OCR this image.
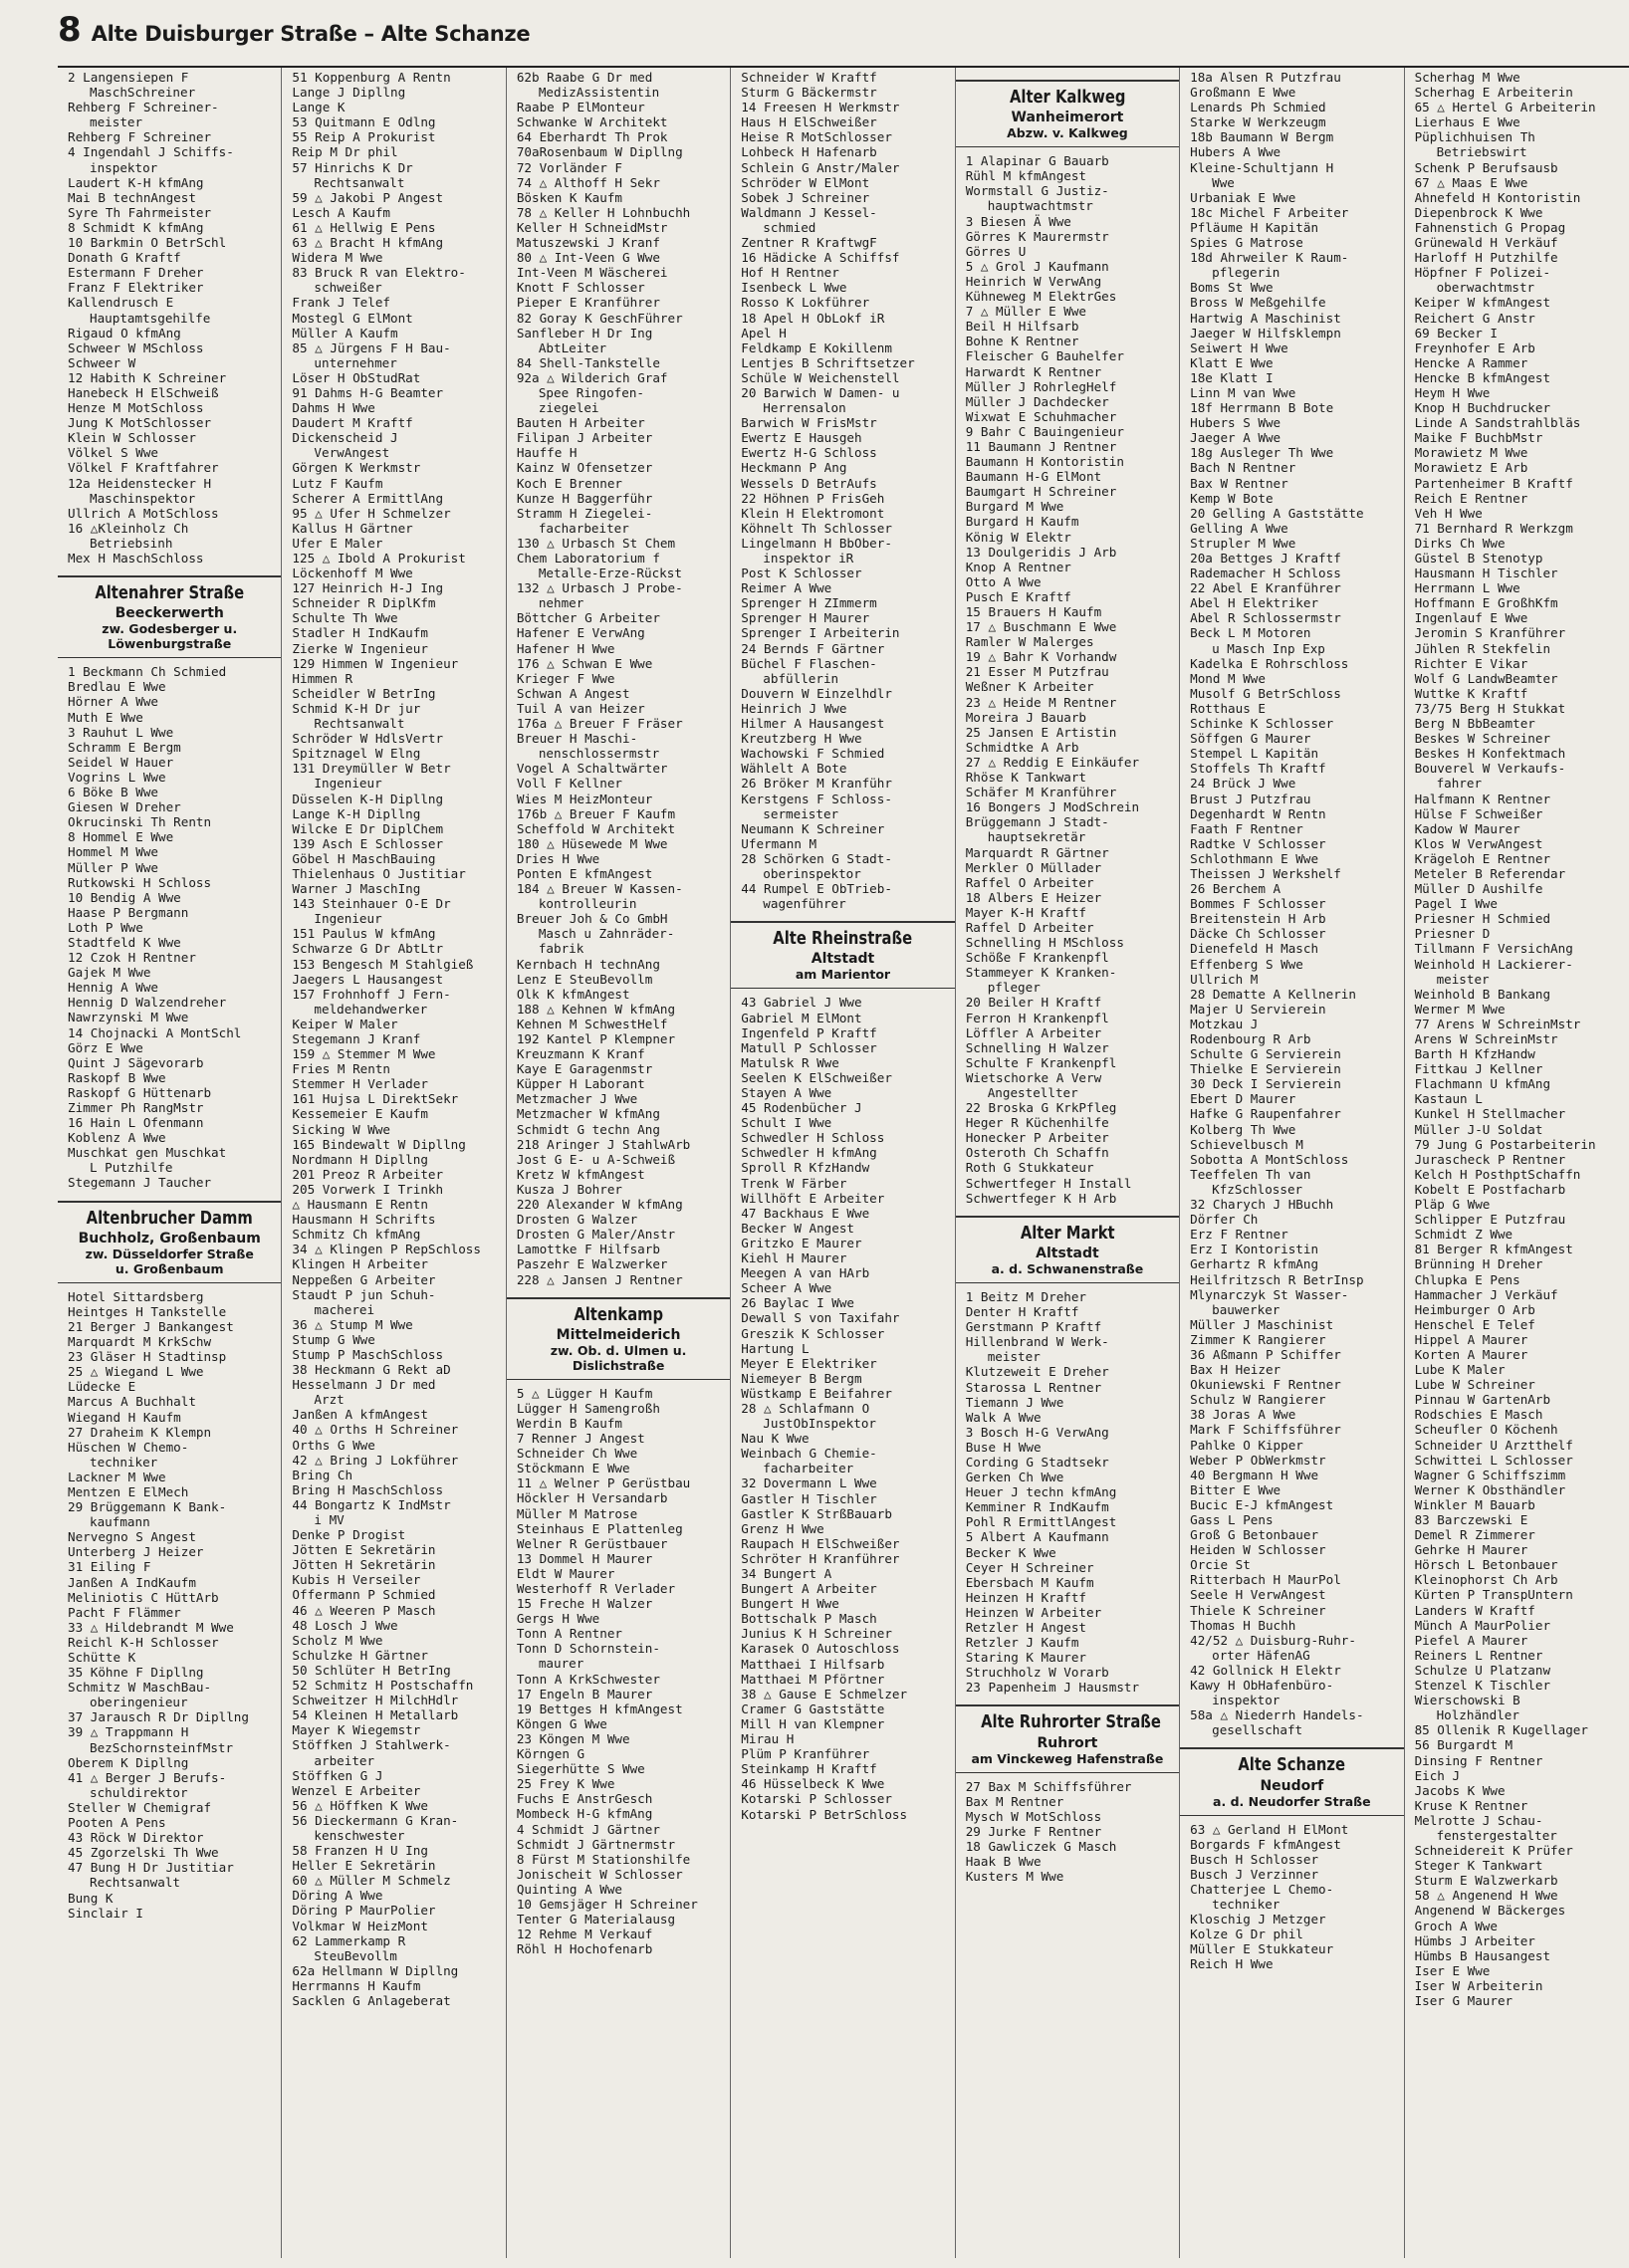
8 Alte Duisburger Straße – Alte Schanze
2 Langensiepen F
MaschSchreiner
Rehberg F Schreiner-
meister
Rehberg F Schreiner
4 Ingendahl J Schiffs-
inspektor
Laudert K-H kfmAng
Mai B technAngest
Syre Th Fahrmeister
8 Schmidt K kfmAng
10 Barkmin O BetrSchl
Donath G Kraftf
Estermann F Dreher
Franz F Elektriker
Kallendrusch E
Hauptamtsgehilfe
Rigaud O kfmAng
Schweer W MSchloss
Schweer W
12 Habith K Schreiner
Hanebeck H ElSchweiß
Henze M MotSchloss
Jung K MotSchlosser
Klein W Schlosser
Völkel S Wwe
Völkel F Kraftfahrer
12a Heidenstecker H
Maschinspektor
Ullrich A MotSchloss
16 △Kleinholz Ch
Betriebsinh
Mex H MaschSchloss
Altenahrer Straße
Beeckerwerth
zw. Godesberger u.
Löwenburgstraße
1 Beckmann Ch Schmied
Bredlau E Wwe
Hörner A Wwe
Muth E Wwe
3 Rauhut L Wwe
Schramm E Bergm
Seidel W Hauer
Vogrins L Wwe
6 Böke B Wwe
Giesen W Dreher
Okrucinski Th Rentn
8 Hommel E Wwe
Hommel M Wwe
Müller P Wwe
Rutkowski H Schloss
10 Bendig A Wwe
Haase P Bergmann
Loth P Wwe
Stadtfeld K Wwe
12 Czok H Rentner
Gajek M Wwe
Hennig A Wwe
Hennig D Walzendreher
Nawrzynski M Wwe
14 Chojnacki A MontSchl
Görz E Wwe
Quint J Sägevorarb
Raskopf B Wwe
Raskopf G Hüttenarb
Zimmer Ph RangMstr
16 Hain L Ofenmann
Koblenz A Wwe
Muschkat gen Muschkat
L Putzhilfe
Stegemann J Taucher
Altenbrucher Damm
Buchholz, Großenbaum
zw. Düsseldorfer Straße
u. Großenbaum
Hotel Sittardsberg
Heintges H Tankstelle
21 Berger J Bankangest
Marquardt M KrkSchw
23 Gläser H Stadtinsp
25 △ Wiegand L Wwe
Lüdecke E
Marcus A Buchhalt
Wiegand H Kaufm
27 Draheim K Klempn
Hüschen W Chemo-
techniker
Lackner M Wwe
Mentzen E ElMech
29 Brüggemann K Bank-
kaufmann
Nervegno S Angest
Unterberg J Heizer
31 Eiling F
Janßen A IndKaufm
Meliniotis C HüttArb
Pacht F Flämmer
33 △ Hildebrandt M Wwe
Reichl K-H Schlosser
Schütte K
35 Köhne F Dipllng
Schmitz W MaschBau-
oberingenieur
37 Jarausch R Dr Dipllng
39 △ Trappmann H
BezSchornsteinfMstr
Oberem K Dipllng
41 △ Berger J Berufs-
schuldirektor
Steller W Chemigraf
Pooten A Pens
43 Röck W Direktor
45 Zgorzelski Th Wwe
47 Bung H Dr Justitiar
Rechtsanwalt
Bung K
Sinclair I
51 Koppenburg A Rentn
Lange J Dipllng
Lange K
53 Quitmann E Odlng
55 Reip A Prokurist
Reip M Dr phil
57 Hinrichs K Dr
Rechtsanwalt
59 △ Jakobi P Angest
Lesch A Kaufm
61 △ Hellwig E Pens
63 △ Bracht H kfmAng
Widera M Wwe
83 Bruck R van Elektro-
schweißer
Frank J Telef
Mostegl G ElMont
Müller A Kaufm
85 △ Jürgens F H Bau-
unternehmer
Löser H ObStudRat
91 Dahms H-G Beamter
Dahms H Wwe
Daudert M Kraftf
Dickenscheid J
VerwAngest
Görgen K Werkmstr
Lutz F Kaufm
Scherer A ErmittlAng
95 △ Ufer H Schmelzer
Kallus H Gärtner
Ufer E Maler
125 △ Ibold A Prokurist
Löckenhoff M Wwe
127 Heinrich H-J Ing
Schneider R DiplKfm
Schulte Th Wwe
Stadler H IndKaufm
Zierke W Ingenieur
129 Himmen W Ingenieur
Himmen R
Scheidler W BetrIng
Schmid K-H Dr jur
Rechtsanwalt
Schröder W HdlsVertr
Spitznagel W Elng
131 Dreymüller W Betr
Ingenieur
Düsselen K-H Dipllng
Lange K-H Dipllng
Wilcke E Dr DiplChem
139 Asch E Schlosser
Göbel H MaschBauing
Thielenhaus O Justitiar
Warner J MaschIng
143 Steinhauer O-E Dr
Ingenieur
151 Paulus W kfmAng
Schwarze G Dr AbtLtr
153 Bengesch M Stahlgieß
Jaegers L Hausangest
157 Frohnhoff J Fern-
meldehandwerker
Keiper W Maler
Stegemann J Kranf
159 △ Stemmer M Wwe
Fries M Rentn
Stemmer H Verlader
161 Hujsa L DirektSekr
Kessemeier E Kaufm
Sicking W Wwe
165 Bindewalt W Dipllng
Nordmann H Dipllng
201 Preoz R Arbeiter
205 Vorwerk I Trinkh
△ Hausmann E Rentn
Hausmann H Schrifts
Schmitz Ch kfmAng
34 △ Klingen P RepSchloss
Klingen H Arbeiter
Neppeßen G Arbeiter
Staudt P jun Schuh-
macherei
36 △ Stump M Wwe
Stump G Wwe
Stump P MaschSchloss
38 Heckmann G Rekt aD
Hesselmann J Dr med
Arzt
Janßen A kfmAngest
40 △ Orths H Schreiner
Orths G Wwe
42 △ Bring J Lokführer
Bring Ch
Bring H MaschSchloss
44 Bongartz K IndMstr
i MV
Denke P Drogist
Jötten E Sekretärin
Jötten H Sekretärin
Kubis H Verseiler
Offermann P Schmied
46 △ Weeren P Masch
48 Losch J Wwe
Scholz M Wwe
Schulzke H Gärtner
50 Schlüter H BetrIng
52 Schmitz H Postschaffn
Schweitzer H MilchHdlr
54 Kleinen H Metallarb
Mayer K Wiegemstr
Stöffken J Stahlwerk-
arbeiter
Stöffken G J
Wenzel E Arbeiter
56 △ Höffken K Wwe
56 Dieckermann G Kran-
kenschwester
58 Franzen H U Ing
Heller E Sekretärin
60 △ Müller M Schmelz
Döring A Wwe
Döring P MaurPolier
Volkmar W HeizMont
62 Lammerkamp R
SteuBevollm
62a Hellmann W Dipllng
Herrmanns H Kaufm
Sacklen G Anlageberat
62b Raabe G Dr med
MedizAssistentin
Raabe P ElMonteur
Schwanke W Architekt
64 Eberhardt Th Prok
70aRosenbaum W Dipllng
72 Vorländer F
74 △ Althoff H Sekr
Bösken K Kaufm
78 △ Keller H Lohnbuchh
Keller H SchneidMstr
Matuszewski J Kranf
80 △ Int-Veen G Wwe
Int-Veen M Wäscherei
Knott F Schlosser
Pieper E Kranführer
82 Goray K GeschFührer
Sanfleber H Dr Ing
AbtLeiter
84 Shell-Tankstelle
92a △ Wilderich Graf
Spee Ringofen-
ziegelei
Bauten H Arbeiter
Filipan J Arbeiter
Hauffe H
Kainz W Ofensetzer
Koch E Brenner
Kunze H Baggerführ
Stramm H Ziegelei-
facharbeiter
130 △ Urbasch St Chem
Chem Laboratorium f
Metalle-Erze-Rückst
132 △ Urbasch J Probe-
nehmer
Böttcher G Arbeiter
Hafener E VerwAng
Hafener H Wwe
176 △ Schwan E Wwe
Krieger F Wwe
Schwan A Angest
Tuil A van Heizer
176a △ Breuer F Fräser
Breuer H Maschi-
nenschlossermstr
Vogel A Schaltwärter
Voll F Kellner
Wies M HeizMonteur
176b △ Breuer F Kaufm
Scheffold W Architekt
180 △ Hüsewede M Wwe
Dries H Wwe
Ponten E kfmAngest
184 △ Breuer W Kassen-
kontrolleurin
Breuer Joh & Co GmbH
Masch u Zahnräder-
fabrik
Kernbach H technAng
Lenz E SteuBevollm
Olk K kfmAngest
188 △ Kehnen W kfmAng
Kehnen M SchwestHelf
192 Kantel P Klempner
Kreuzmann K Kranf
Kaye E Garagenmstr
Küpper H Laborant
Metzmacher J Wwe
Metzmacher W kfmAng
Schmidt G techn Ang
218 Aringer J StahlwArb
Jost G E- u A-Schweiß
Kretz W kfmAngest
Kusza J Bohrer
220 Alexander W kfmAng
Drosten G Walzer
Drosten G Maler/Anstr
Lamottke F Hilfsarb
Paszehr E Walzwerker
228 △ Jansen J Rentner
Altenkamp
Mittelmeiderich
zw. Ob. d. Ulmen u.
Dislichstraße
5 △ Lügger H Kaufm
Lügger H Samengroßh
Werdin B Kaufm
7 Renner J Angest
Schneider Ch Wwe
Stöckmann E Wwe
11 △ Welner P Gerüstbau
Höckler H Versandarb
Müller M Matrose
Steinhaus E Plattenleg
Welner R Gerüstbauer
13 Dommel H Maurer
Eldt W Maurer
Westerhoff R Verlader
15 Freche H Walzer
Gergs H Wwe
Tonn A Rentner
Tonn D Schornstein-
maurer
Tonn A KrkSchwester
17 Engeln B Maurer
19 Bettges H kfmAngest
Köngen G Wwe
23 Köngen M Wwe
Körngen G
Siegerhütte S Wwe
25 Frey K Wwe
Fuchs E AnstrGesch
Mombeck H-G kfmAng
4 Schmidt J Gärtner
Schmidt J Gärtnermstr
8 Fürst M Stationshilfe
Jonischeit W Schlosser
Quinting A Wwe
10 Gemsjäger H Schreiner
Tenter G Materialausg
12 Rehme M Verkauf
Röhl H Hochofenarb
Schneider W Kraftf
Sturm G Bäckermstr
14 Freesen H Werkmstr
Haus H ElSchweißer
Heise R MotSchlosser
Lohbeck H Hafenarb
Schlein G Anstr/Maler
Schröder W ElMont
Sobek J Schreiner
Waldmann J Kessel-
schmied
Zentner R KraftwgF
16 Hädicke A Schiffsf
Hof H Rentner
Isenbeck L Wwe
Rosso K Lokführer
18 Apel H ObLokf iR
Apel H
Feldkamp E Kokillenm
Lentjes B Schriftsetzer
Schüle W Weichenstell
20 Barwich W Damen- u
Herrensalon
Barwich W FrisMstr
Ewertz E Hausgeh
Ewertz H-G Schloss
Heckmann P Ang
Wessels D BetrAufs
22 Höhnen P FrisGeh
Klein H Elektromont
Köhnelt Th Schlosser
Lingelmann H BbOber-
inspektor iR
Post K Schlosser
Reimer A Wwe
Sprenger H ZImmerm
Sprenger H Maurer
Sprenger I Arbeiterin
24 Bernds F Gärtner
Büchel F Flaschen-
abfüllerin
Douvern W Einzelhdlr
Heinrich J Wwe
Hilmer A Hausangest
Kreutzberg H Wwe
Wachowski F Schmied
Wählelt A Bote
26 Bröker M Kranführ
Kerstgens F Schloss-
sermeister
Neumann K Schreiner
Ufermann M
28 Schörken G Stadt-
oberinspektor
44 Rumpel E ObTrieb-
wagenführer
Alte Rheinstraße
Altstadt
am Marientor
43 Gabriel J Wwe
Gabriel M ElMont
Ingenfeld P Kraftf
Matull P Schlosser
Matulsk R Wwe
Seelen K ElSchweißer
Stayen A Wwe
45 Rodenbücher J
Schult I Wwe
Schwedler H Schloss
Schwedler H kfmAng
Sproll R KfzHandw
Trenk W Färber
Willhöft E Arbeiter
47 Backhaus E Wwe
Becker W Angest
Gritzko E Maurer
Kiehl H Maurer
Meegen A van HArb
Scheer A Wwe
26 Baylac I Wwe
Dewall S von Taxifahr
Greszik K Schlosser
Hartung L
Meyer E Elektriker
Niemeyer B Bergm
Wüstkamp E Beifahrer
28 △ Schlafmann O
JustObInspektor
Nau K Wwe
Weinbach G Chemie-
facharbeiter
32 Dovermann L Wwe
Gastler H Tischler
Gastler K StrßBauarb
Grenz H Wwe
Raupach H ElSchweißer
Schröter H Kranführer
34 Bungert A
Bungert A Arbeiter
Bungert H Wwe
Bottschalk P Masch
Junius K H Schreiner
Karasek O Autoschloss
Matthaei I Hilfsarb
Matthaei M Pförtner
38 △ Gause E Schmelzer
Cramer G Gaststätte
Mill H van Klempner
Mirau H
Plüm P Kranführer
Steinkamp H Kraftf
46 Hüsselbeck K Wwe
Kotarski P Schlosser
Kotarski P BetrSchloss
Alter Kalkweg
Wanheimerort
Abzw. v. Kalkweg
1 Alapinar G Bauarb
Rühl M kfmAngest
Wormstall G Justiz-
hauptwachtmstr
3 Biesen Ä Wwe
Görres K Maurermstr
Görres U
5 △ Grol J Kaufmann
Heinrich W VerwAng
Kühneweg M ElektrGes
7 △ Müller E Wwe
Beil H Hilfsarb
Bohne K Rentner
Fleischer G Bauhelfer
Harwardt K Rentner
Müller J RohrlegHelf
Müller J Dachdecker
Wixwat E Schuhmacher
9 Bahr C Bauingenieur
11 Baumann J Rentner
Baumann H Kontoristin
Baumann H-G ElMont
Baumgart H Schreiner
Burgard M Wwe
Burgard H Kaufm
König W Elektr
13 Doulgeridis J Arb
Knop A Rentner
Otto A Wwe
Pusch E Kraftf
15 Brauers H Kaufm
17 △ Buschmann E Wwe
Ramler W Malerges
19 △ Bahr K Vorhandw
21 Esser M Putzfrau
Weßner K Arbeiter
23 △ Heide M Rentner
Moreira J Bauarb
25 Jansen E Artistin
Schmidtke A Arb
27 △ Reddig E Einkäufer
Rhöse K Tankwart
Schäfer M Kranführer
16 Bongers J ModSchrein
Brüggemann J Stadt-
hauptsekretär
Marquardt R Gärtner
Merkler O Müllader
Raffel O Arbeiter
18 Albers E Heizer
Mayer K-H Kraftf
Raffel D Arbeiter
Schnelling H MSchloss
Schöße F Krankenpfl
Stammeyer K Kranken-
pfleger
20 Beiler H Kraftf
Ferron H Krankenpfl
Löffler A Arbeiter
Schnelling H Walzer
Schulte F Krankenpfl
Wietschorke A Verw
Angestellter
22 Broska G KrkPfleg
Heger R Küchenhilfe
Honecker P Arbeiter
Osteroth Ch Schaffn
Roth G Stukkateur
Schwertfeger H Install
Schwertfeger K H Arb
Alter Markt
Altstadt
a. d. Schwanenstraße
1 Beitz M Dreher
Denter H Kraftf
Gerstmann P Kraftf
Hillenbrand W Werk-
meister
Klutzeweit E Dreher
Starossa L Rentner
Tiemann J Wwe
Walk A Wwe
3 Bosch H-G VerwAng
Buse H Wwe
Cording G Stadtsekr
Gerken Ch Wwe
Heuer J techn kfmAng
Kemminer R IndKaufm
Pohl R ErmittlAngest
5 Albert A Kaufmann
Becker K Wwe
Ceyer H Schreiner
Ebersbach M Kaufm
Heinzen H Kraftf
Heinzen W Arbeiter
Retzler H Angest
Retzler J Kaufm
Staring K Maurer
Struchholz W Vorarb
23 Papenheim J Hausmstr
Alte Ruhrorter Straße
Ruhrort
am Vinckeweg Hafenstraße
27 Bax M Schiffsführer
Bax M Rentner
Mysch W MotSchloss
29 Jurke F Rentner
18 Gawliczek G Masch
Haak B Wwe
Kusters M Wwe
18a Alsen R Putzfrau
Großmann E Wwe
Lenards Ph Schmied
Starke W Werkzeugm
18b Baumann W Bergm
Hubers A Wwe
Kleine-Schultjann H
Wwe
Urbaniak E Wwe
18c Michel F Arbeiter
Pfläume H Kapitän
Spies G Matrose
18d Ahrweiler K Raum-
pflegerin
Boms St Wwe
Bross W Meßgehilfe
Hartwig A Maschinist
Jaeger W Hilfsklempn
Seiwert H Wwe
Klatt E Wwe
18e Klatt I
Linn M van Wwe
18f Herrmann B Bote
Hubers S Wwe
Jaeger A Wwe
18g Ausleger Th Wwe
Bach N Rentner
Bax W Rentner
Kemp W Bote
20 Gelling A Gaststätte
Gelling A Wwe
Strupler M Wwe
20a Bettges J Kraftf
Rademacher H Schloss
22 Abel E Kranführer
Abel H Elektriker
Abel R Schlossermstr
Beck L M Motoren
u Masch Inp Exp
Kadelka E Rohrschloss
Mond M Wwe
Musolf G BetrSchloss
Rotthaus E
Schinke K Schlosser
Söffgen G Maurer
Stempel L Kapitän
Stoffels Th Kraftf
24 Brück J Wwe
Brust J Putzfrau
Degenhardt W Rentn
Faath F Rentner
Radtke V Schlosser
Schlothmann E Wwe
Theissen J Werkshelf
26 Berchem A
Bommes F Schlosser
Breitenstein H Arb
Däcke Ch Schlosser
Dienefeld H Masch
Effenberg S Wwe
Ullrich M
28 Dematte A Kellnerin
Majer U Servierein
Motzkau J
Rodenbourg R Arb
Schulte G Servierein
Thielke E Servierein
30 Deck I Servierein
Ebert D Maurer
Hafke G Raupenfahrer
Kolberg Th Wwe
Schievelbusch M
Sobotta A MontSchloss
Teeffelen Th van
KfzSchlosser
32 Charych J HBuchh
Dörfer Ch
Erz F Rentner
Erz I Kontoristin
Gerhartz R kfmAng
Heilfritzsch R BetrInsp
Mlynarczyk St Wasser-
bauwerker
Müller J Maschinist
Zimmer K Rangierer
36 Aßmann P Schiffer
Bax H Heizer
Okuniewski F Rentner
Schulz W Rangierer
38 Joras A Wwe
Mark F Schiffsführer
Pahlke O Kipper
Weber P ObWerkmstr
40 Bergmann H Wwe
Bitter E Wwe
Bucic E-J kfmAngest
Gass L Pens
Groß G Betonbauer
Heiden W Schlosser
Orcie St
Ritterbach H MaurPol
Seele H VerwAngest
Thiele K Schreiner
Thomas H Buchh
42/52 △ Duisburg-Ruhr-
orter HäfenAG
42 Gollnick H Elektr
Kawy H ObHafenbüro-
inspektor
58a △ Niederrh Handels-
gesellschaft
Alte Schanze
Neudorf
a. d. Neudorfer Straße
63 △ Gerland H ElMont
Borgards F kfmAngest
Busch H Schlosser
Busch J Verzinner
Chatterjee L Chemo-
techniker
Kloschig J Metzger
Kolze G Dr phil
Müller E Stukkateur
Reich H Wwe
Scherhag M Wwe
Scherhag E Arbeiterin
65 △ Hertel G Arbeiterin
Lierhaus E Wwe
Püplichhuisen Th
Betriebswirt
Schenk P Berufsausb
67 △ Maas E Wwe
Ahnefeld H Kontoristin
Diepenbrock K Wwe
Fahnenstich G Propag
Grünewald H Verkäuf
Harloff H Putzhilfe
Höpfner F Polizei-
oberwachtmstr
Keiper W kfmAngest
Reichert G Anstr
69 Becker I
Freynhofer E Arb
Hencke A Rammer
Hencke B kfmAngest
Heym H Wwe
Knop H Buchdrucker
Linde A Sandstrahlbläs
Maike F BuchbMstr
Morawietz M Wwe
Morawietz E Arb
Partenheimer B Kraftf
Reich E Rentner
Veh H Wwe
71 Bernhard R Werkzgm
Dirks Ch Wwe
Güstel B Stenotyp
Hausmann H Tischler
Herrmann L Wwe
Hoffmann E GroßhKfm
Ingenlauf E Wwe
Jeromin S Kranführer
Jühlen R Stekfelin
Richter E Vikar
Wolf G LandwBeamter
Wuttke K Kraftf
73/75 Berg H Stukkat
Berg N BbBeamter
Beskes W Schreiner
Beskes H Konfektmach
Bouverel W Verkaufs-
fahrer
Halfmann K Rentner
Hülse F Schweißer
Kadow W Maurer
Klos W VerwAngest
Krägeloh E Rentner
Meteler B Referendar
Müller D Aushilfe
Pagel I Wwe
Priesner H Schmied
Priesner D
Tillmann F VersichAng
Weinhold H Lackierer-
meister
Weinhold B Bankang
Wermer M Wwe
77 Arens W SchreinMstr
Arens W SchreinMstr
Barth H KfzHandw
Fittkau J Kellner
Flachmann U kfmAng
Kastaun L
Kunkel H Stellmacher
Müller J-U Soldat
79 Jung G Postarbeiterin
Jurascheck P Rentner
Kelch H PosthptSchaffn
Kobelt E Postfacharb
Pläp G Wwe
Schlipper E Putzfrau
Schmidt Z Wwe
81 Berger R kfmAngest
Brünning H Dreher
Chlupka E Pens
Hammacher J Verkäuf
Heimburger O Arb
Henschel E Telef
Hippel A Maurer
Korten A Maurer
Lube K Maler
Lube W Schreiner
Pinnau W GartenArb
Rodschies E Masch
Scheufler O Köchenh
Schneider U Arztthelf
Schwittei L Schlosser
Wagner G Schiffszimm
Werner K Obsthändler
Winkler M Bauarb
83 Barczewski E
Demel R Zimmerer
Gehrke H Maurer
Hörsch L Betonbauer
Kleinophorst Ch Arb
Kürten P TranspUntern
Landers W Kraftf
Münch A MaurPolier
Piefel A Maurer
Reiners L Rentner
Schulze U Platzanw
Stenzel K Tischler
Wierschowski B
Holzhändler
85 Ollenik R Kugellager
56 Burgardt M
Dinsing F Rentner
Eich J
Jacobs K Wwe
Kruse K Rentner
Melrotte J Schau-
fenstergestalter
Schneidereit K Prüfer
Steger K Tankwart
Sturm E Walzwerkarb
58 △ Angenend H Wwe
Angenend W Bäckerges
Groch A Wwe
Hümbs J Arbeiter
Hümbs B Hausangest
Iser E Wwe
Iser W Arbeiterin
Iser G Maurer
